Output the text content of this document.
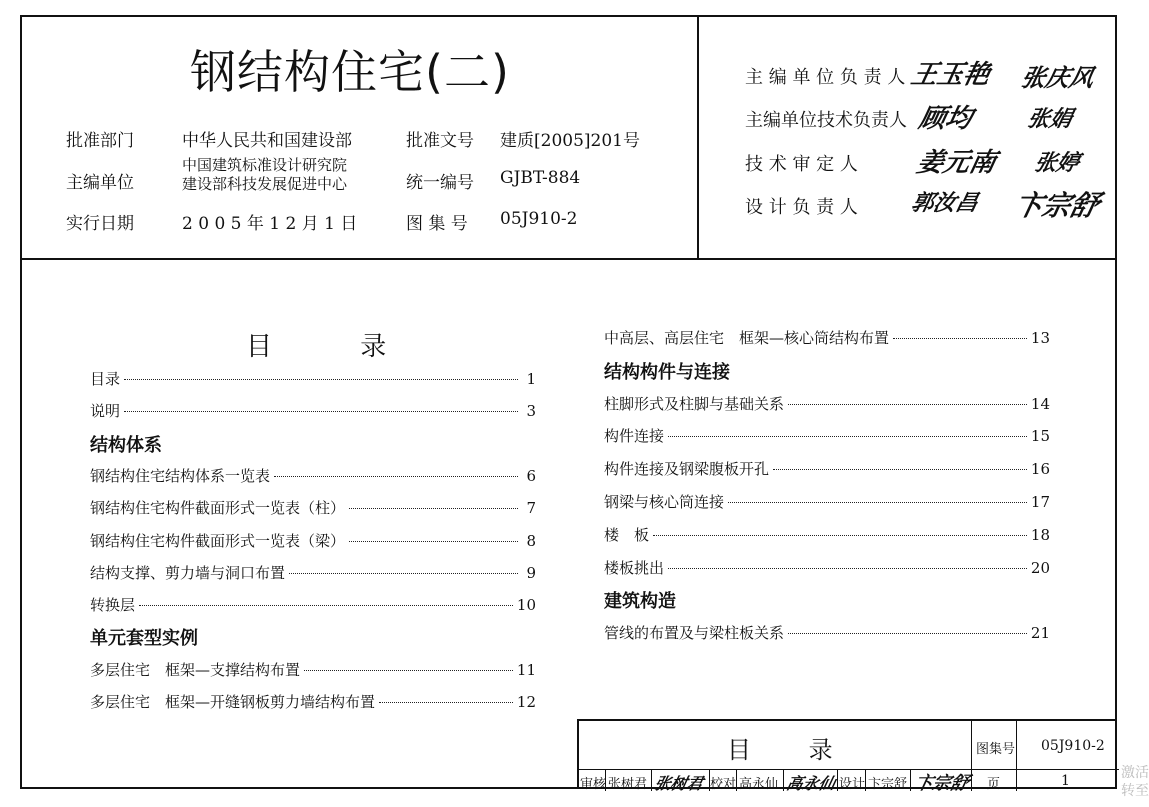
钢结构住宅(二)
批准部门	中华人民共和国建设部	批准文号 建质[2005]201号
主编单位
中国建筑标准设计研究院
建设部科技发展促进中心	统一编号 GJBT-884
实行日期	2 0 0 5 年 1 2 月 1 日	图 集 号 05J910-2
主 编 单 位 负 责 人 王玉艳 张庆风
主编单位技术负责人 顾均 张娟
技 术 审 定 人 姜元南 张婷
设 计 负 责 人 郭汝昌 卞宗舒
目 录
目录	1
说明	3
结构体系
钢结构住宅结构体系一览表	6
钢结构住宅构件截面形式一览表（柱）	7
钢结构住宅构件截面形式一览表（梁）	8
结构支撑、剪力墙与洞口布置	9
转换层	10
单元套型实例
多层住宅　框架—支撑结构布置	11
多层住宅　框架—开缝钢板剪力墙结构布置	12
中高层、高层住宅　框架—核心筒结构布置	13
结构构件与连接
柱脚形式及柱脚与基础关系	14
构件连接	15
构件连接及钢梁腹板开孔	16
钢梁与核心筒连接	17
楼　板	18
楼板挑出	20
建筑构造
管线的布置及与梁柱板关系	21
目 录	图集号 05J910-2
审核 张树君 张树君 校对 高永仙 高永仙 设计 卞宗舒 卞宗舒 页	1	激活
转至
